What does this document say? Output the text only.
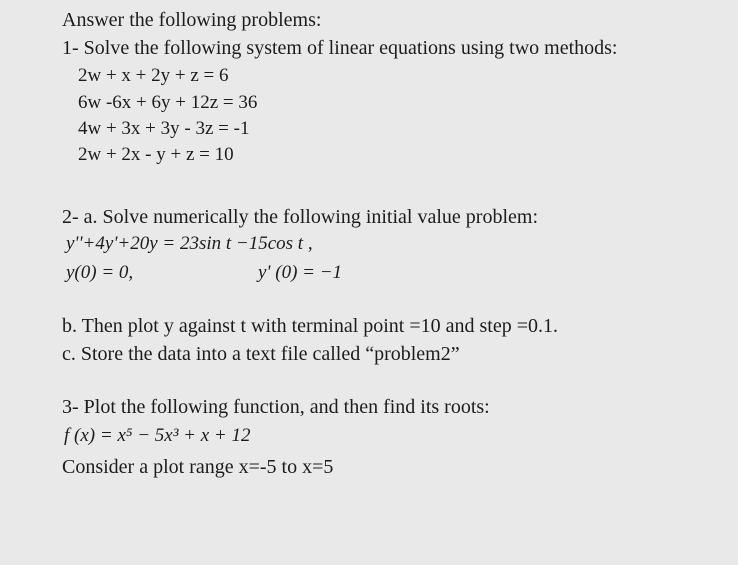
Answer the following problems:
1- Solve the following system of linear equations using two methods:
2w + x + 2y + z = 6
6w -6x + 6y + 12z = 36
4w + 3x + 3y - 3z = -1
2w + 2x - y + z = 10
2- a. Solve numerically the following initial value problem:
y''+4y'+20y = 23sin t −15cos t ,
y(0) = 0,	y' (0) = −1
b. Then plot y against t with terminal point =10 and step =0.1.
c. Store the data into a text file called “problem2”
3- Plot the following function, and then find its roots:
f (x) = x⁵ − 5x³ + x + 12
Consider a plot range x=-5 to x=5
